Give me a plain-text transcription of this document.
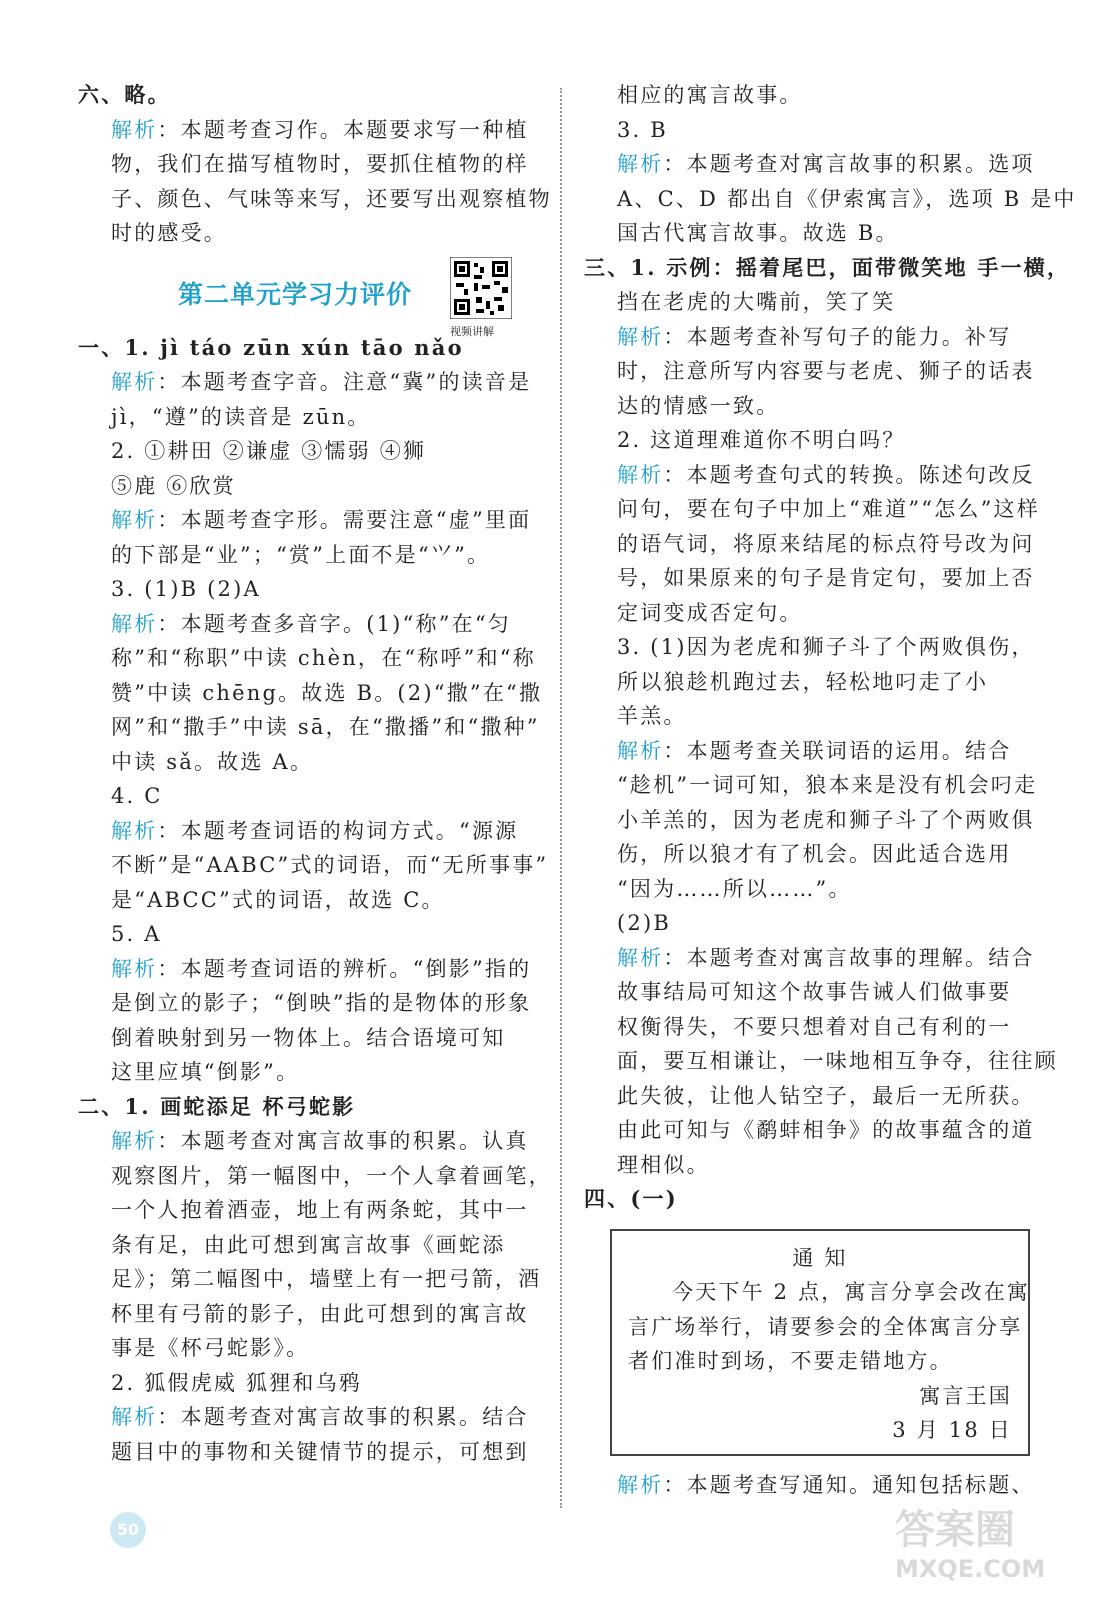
六、略。
解析：本题考查习作。本题要求写一种植
物，我们在描写植物时，要抓住植物的样
子、颜色、气味等来写，还要写出观察植物
时的感受。
第二单元学习力评价
视频讲解
一、1. jì táo zūn xún tāo nǎo
解析：本题考查字音。注意“冀”的读音是
jì，“遵”的读音是 zūn。
2. ①耕田 ②谦虚 ③懦弱 ④狮
⑤鹿 ⑥欣赏
解析：本题考查字形。需要注意“虚”里面
的下部是“业”；“赏”上面不是“⺍”。
3. (1)B (2)A
解析：本题考查多音字。(1)“称”在“匀
称”和“称职”中读 chèn，在“称呼”和“称
赞”中读 chēng。故选 B。(2)“撒”在“撒
网”和“撒手”中读 sā，在“撒播”和“撒种”
中读 sǎ。故选 A。
4. C
解析：本题考查词语的构词方式。“源源
不断”是“AABC”式的词语，而“无所事事”
是“ABCC”式的词语，故选 C。
5. A
解析：本题考查词语的辨析。“倒影”指的
是倒立的影子；“倒映”指的是物体的形象
倒着映射到另一物体上。结合语境可知
这里应填“倒影”。
二、1. 画蛇添足 杯弓蛇影
解析：本题考查对寓言故事的积累。认真
观察图片，第一幅图中，一个人拿着画笔，
一个人抱着酒壶，地上有两条蛇，其中一
条有足，由此可想到寓言故事《画蛇添
足》；第二幅图中，墙壁上有一把弓箭，酒
杯里有弓箭的影子，由此可想到的寓言故
事是《杯弓蛇影》。
2. 狐假虎威 狐狸和乌鸦
解析：本题考查对寓言故事的积累。结合
题目中的事物和关键情节的提示，可想到
相应的寓言故事。
3. B
解析：本题考查对寓言故事的积累。选项
A、C、D 都出自《伊索寓言》，选项 B 是中
国古代寓言故事。故选 B。
三、1. 示例：摇着尾巴，面带微笑地 手一横，
挡在老虎的大嘴前，笑了笑
解析：本题考查补写句子的能力。补写
时，注意所写内容要与老虎、狮子的话表
达的情感一致。
2. 这道理难道你不明白吗？
解析：本题考查句式的转换。陈述句改反
问句，要在句子中加上“难道”“怎么”这样
的语气词，将原来结尾的标点符号改为问
号，如果原来的句子是肯定句，要加上否
定词变成否定句。
3. (1)因为老虎和狮子斗了个两败俱伤，
所以狼趁机跑过去，轻松地叼走了小
羊羔。
解析：本题考查关联词语的运用。结合
“趁机”一词可知，狼本来是没有机会叼走
小羊羔的，因为老虎和狮子斗了个两败俱
伤，所以狼才有了机会。因此适合选用
“因为……所以……”。
(2)B
解析：本题考查对寓言故事的理解。结合
故事结局可知这个故事告诫人们做事要
权衡得失，不要只想着对自己有利的一
面，要互相谦让，一味地相互争夺，往往顾
此失彼，让他人钻空子，最后一无所获。
由此可知与《鹬蚌相争》的故事蕴含的道
理相似。
四、(一)
通 知
今天下午 2 点，寓言分享会改在寓
言广场举行，请要参会的全体寓言分享
者们准时到场，不要走错地方。
寓言王国
3 月 18 日
解析：本题考查写通知。通知包括标题、
50	答案圈
MXQE.COM
